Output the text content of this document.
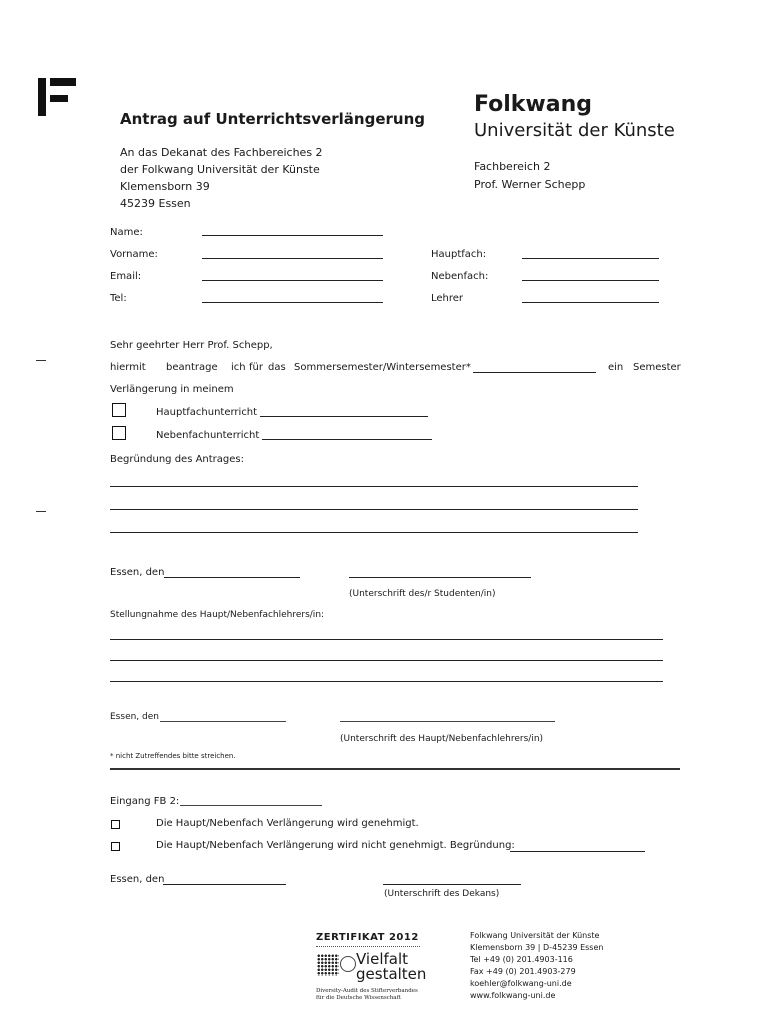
Antrag auf Unterrichtsverlängerung
Folkwang
Universität der Künste
An das Dekanat des Fachbereiches 2
der Folkwang Universität der Künste
Klemensborn 39
45239 Essen
Fachbereich 2
Prof. Werner Schepp
Name:
Vorname:
Email:
Tel:
Hauptfach:
Nebenfach:
Lehrer
Sehr geehrter Herr Prof. Schepp,
hiermit beantrage ich für das Sommersemester/Wintersemester*	ein Semester
Verlängerung in meinem
Hauptfachunterricht
Nebenfachunterricht
Begründung des Antrages:
Essen, den
(Unterschrift des/r Studenten/in)
Stellungnahme des Haupt/Nebenfachlehrers/in:
Essen, den
(Unterschrift des Haupt/Nebenfachlehrers/in)
* nicht Zutreffendes bitte streichen.
Eingang FB 2:
Die Haupt/Nebenfach Verlängerung wird genehmigt.
Die Haupt/Nebenfach Verlängerung wird nicht genehmigt. Begründung:
Essen, den
(Unterschrift des Dekans)
ZERTIFIKAT 2012
Vielfalt
gestalten
Diversity-Audit des Stifterverbandes
für die Deutsche Wissenschaft
Folkwang Universität der Künste
Klemensborn 39 | D-45239 Essen
Tel +49 (0) 201.4903-116
Fax +49 (0) 201.4903-279
koehler@folkwang-uni.de
www.folkwang-uni.de
